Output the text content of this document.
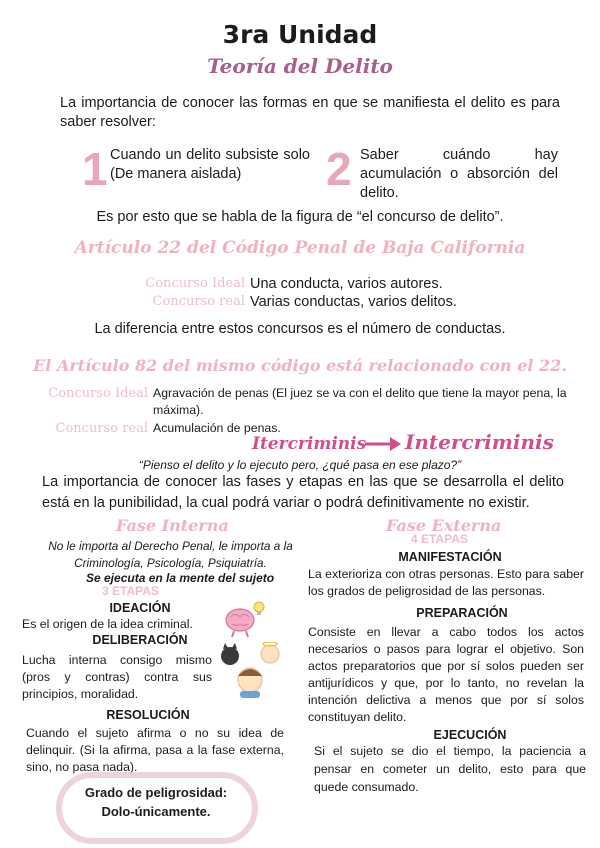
3ra Unidad
Teoría del Delito
La importancia de conocer las formas en que se manifiesta el delito es para saber resolver:
1 Cuando un delito subsiste solo (De manera aislada)	2 Saber cuándo hay acumulación o absorción del delito.
Es por esto que se habla de la figura de “el concurso de delito”.
Artículo 22 del Código Penal de Baja California
Concurso Ideal Una conducta, varios autores.
Concurso real Varias conductas, varios delitos.
La diferencia entre estos concursos es el número de conductas.
El Artículo 82 del mismo código está relacionado con el 22.
Concurso Ideal Agravación de penas (El juez se va con el delito que tiene la mayor pena, la máxima).
Concurso real Acumulación de penas.
Itercriminis Intercriminis
“Pienso el delito y lo ejecuto pero, ¿qué pasa en ese plazo?”
La importancia de conocer las fases y etapas en las que se desarrolla el delito está en la punibilidad, la cual podrá variar o podrá definitivamente no existir.
Fase Interna
No le importa al Derecho Penal, le importa a la Criminología, Psicología, Psiquiatría.
Se ejecuta en la mente del sujeto
3 ETAPAS
IDEACIÓN
Es el origen de la idea criminal.
DELIBERACIÓN
Lucha interna consigo mismo (pros y contras) contra sus principios, moralidad.
RESOLUCIÓN
Cuando el sujeto afirma o no su idea de delinquir. (Si la afirma, pasa a la fase externa, sino, no pasa nada).
Grado de peligrosidad: Dolo-únicamente.
Fase Externa
4 ETAPAS
MANIFESTACIÓN
La exterioriza con otras personas. Esto para saber los grados de peligrosidad de las personas.
PREPARACIÓN
Consiste en llevar a cabo todos los actos necesarios o pasos para lograr el objetivo. Son actos preparatorios que por sí solos pueden ser antijurídicos y que, por lo tanto, no revelan la intención delictiva a menos que por sí solos constituyan delito.
EJECUCIÓN
Si el sujeto se dio el tiempo, la paciencia a pensar en cometer un delito, esto para que quede consumado.
